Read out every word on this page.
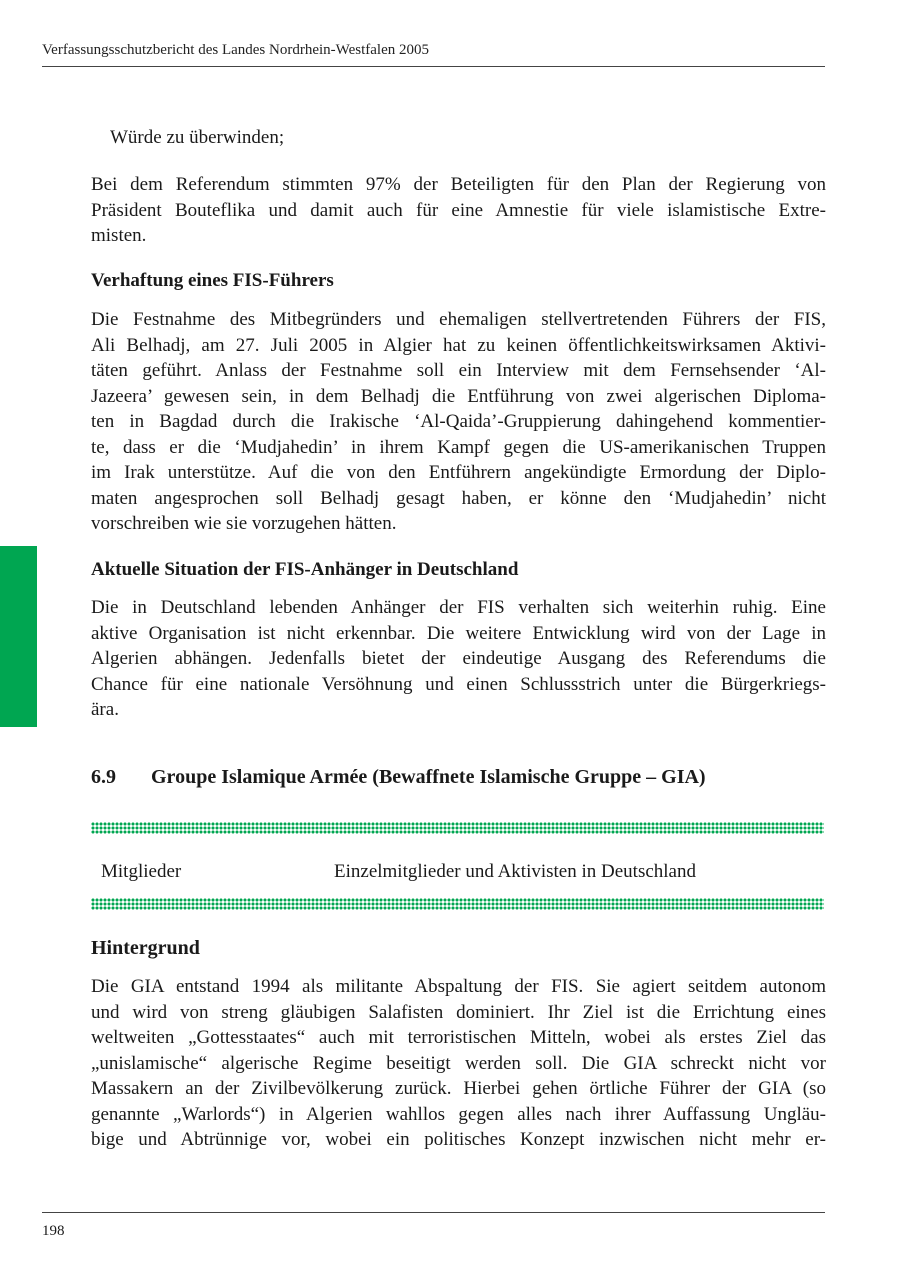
Verfassungsschutzbericht des Landes Nordrhein-Westfalen 2005

Würde zu überwinden;

Bei dem Referendum stimmten 97% der Beteiligten für den Plan der Regierung von
Präsident Bouteflika und damit auch für eine Amnestie für viele islamistische Extre-
misten.

Verhaftung eines FIS-Führers

Die Festnahme des Mitbegründers und ehemaligen stellvertretenden Führers der FIS,
Ali Belhadj, am 27. Juli 2005 in Algier hat zu keinen öffentlichkeitswirksamen Aktivi-
täten geführt. Anlass der Festnahme soll ein Interview mit dem Fernsehsender ‘Al-
Jazeera’ gewesen sein, in dem Belhadj die Entführung von zwei algerischen Diploma-
ten in Bagdad durch die Irakische ‘Al-Qaida’-Gruppierung dahingehend kommentier-
te, dass er die ‘Mudjahedin’ in ihrem Kampf gegen die US-amerikanischen Truppen
im Irak unterstütze. Auf die von den Entführern angekündigte Ermordung der Diplo-
maten angesprochen soll Belhadj gesagt haben, er könne den ‘Mudjahedin’ nicht
vorschreiben wie sie vorzugehen hätten.

Aktuelle Situation der FIS-Anhänger in Deutschland

Die in Deutschland lebenden Anhänger der FIS verhalten sich weiterhin ruhig. Eine
aktive Organisation ist nicht erkennbar. Die weitere Entwicklung wird von der Lage in
Algerien abhängen. Jedenfalls bietet der eindeutige Ausgang des Referendums die
Chance für eine nationale Versöhnung und einen Schlussstrich unter die Bürgerkriegs-
ära.

6.9 Groupe Islamique Armée (Bewaffnete Islamische Gruppe – GIA)
Mitglieder	Einzelmitglieder und Aktivisten in Deutschland
Hintergrund

Die GIA entstand 1994 als militante Abspaltung der FIS. Sie agiert seitdem autonom
und wird von streng gläubigen Salafisten dominiert. Ihr Ziel ist die Errichtung eines
weltweiten „Gottesstaates“ auch mit terroristischen Mitteln, wobei als erstes Ziel das
„unislamische“ algerische Regime beseitigt werden soll. Die GIA schreckt nicht vor
Massakern an der Zivilbevölkerung zurück. Hierbei gehen örtliche Führer der GIA (so
genannte „Warlords“) in Algerien wahllos gegen alles nach ihrer Auffassung Ungläu-
bige und Abtrünnige vor, wobei ein politisches Konzept inzwischen nicht mehr er-

198
